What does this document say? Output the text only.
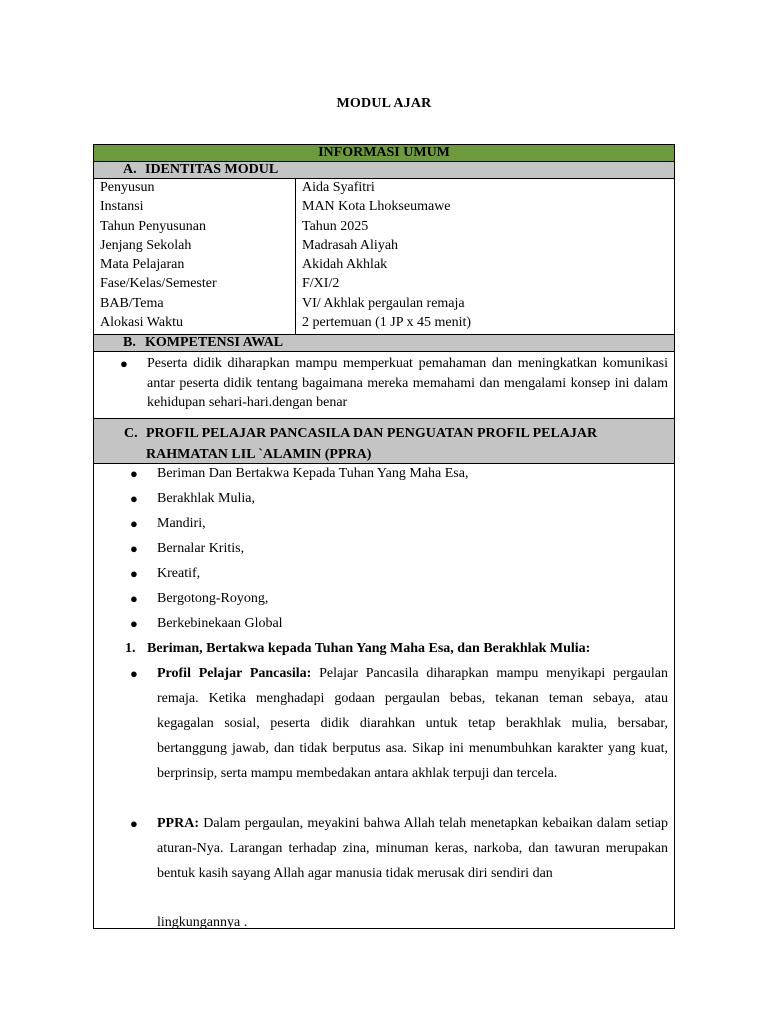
MODUL AJAR
INFORMASI UMUM
A. IDENTITAS MODUL
Penyusun
Instansi
Tahun Penyusunan
Jenjang Sekolah
Mata Pelajaran
Fase/Kelas/Semester
BAB/Tema
Alokasi Waktu
Aida Syafitri
MAN Kota Lhokseumawe
Tahun 2025
Madrasah Aliyah
Akidah Akhlak
F/XI/2
VI/ Akhlak pergaulan remaja
2 pertemuan (1 JP x 45 menit)
B. KOMPETENSI AWAL
● Peserta didik diharapkan mampu memperkuat pemahaman dan meningkatkan komunikasi antar peserta didik tentang bagaimana mereka memahami dan mengalami konsep ini dalam kehidupan sehari-hari.dengan benar
C. PROFIL PELAJAR PANCASILA DAN PENGUATAN PROFIL PELAJAR
RAHMATAN LIL `ALAMIN (PPRA)
● Beriman Dan Bertakwa Kepada Tuhan Yang Maha Esa,
● Berakhlak Mulia,
● Mandiri,
● Bernalar Kritis,
● Kreatif,
● Bergotong-Royong,
● Berkebinekaan Global
1. Beriman, Bertakwa kepada Tuhan Yang Maha Esa, dan Berakhlak Mulia:
● Profil Pelajar Pancasila: Pelajar Pancasila diharapkan mampu menyikapi pergaulan remaja. Ketika menghadapi godaan pergaulan bebas, tekanan teman sebaya, atau kegagalan sosial, peserta didik diarahkan untuk tetap berakhlak mulia, bersabar, bertanggung jawab, dan tidak berputus asa. Sikap ini menumbuhkan karakter yang kuat, berprinsip, serta mampu membedakan antara akhlak terpuji dan tercela.
● PPRA: Dalam pergaulan, meyakini bahwa Allah telah menetapkan kebaikan dalam setiap aturan-Nya. Larangan terhadap zina, minuman keras, narkoba, dan tawuran merupakan bentuk kasih sayang Allah agar manusia tidak merusak diri sendiri dan
lingkungannya .
